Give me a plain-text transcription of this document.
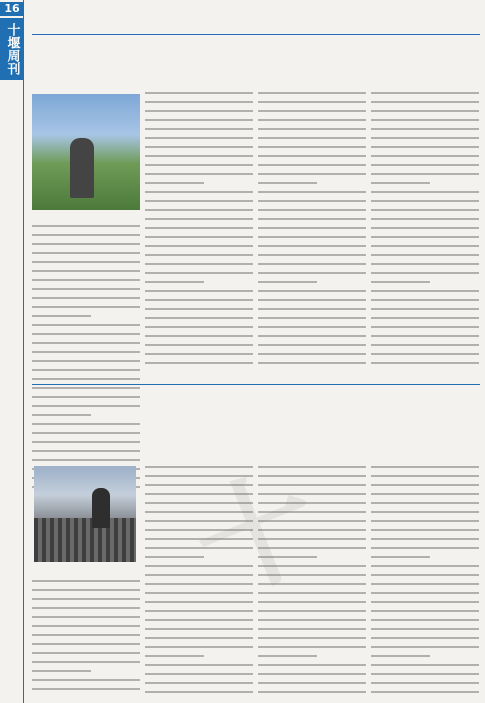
16
十堰周刊
十
